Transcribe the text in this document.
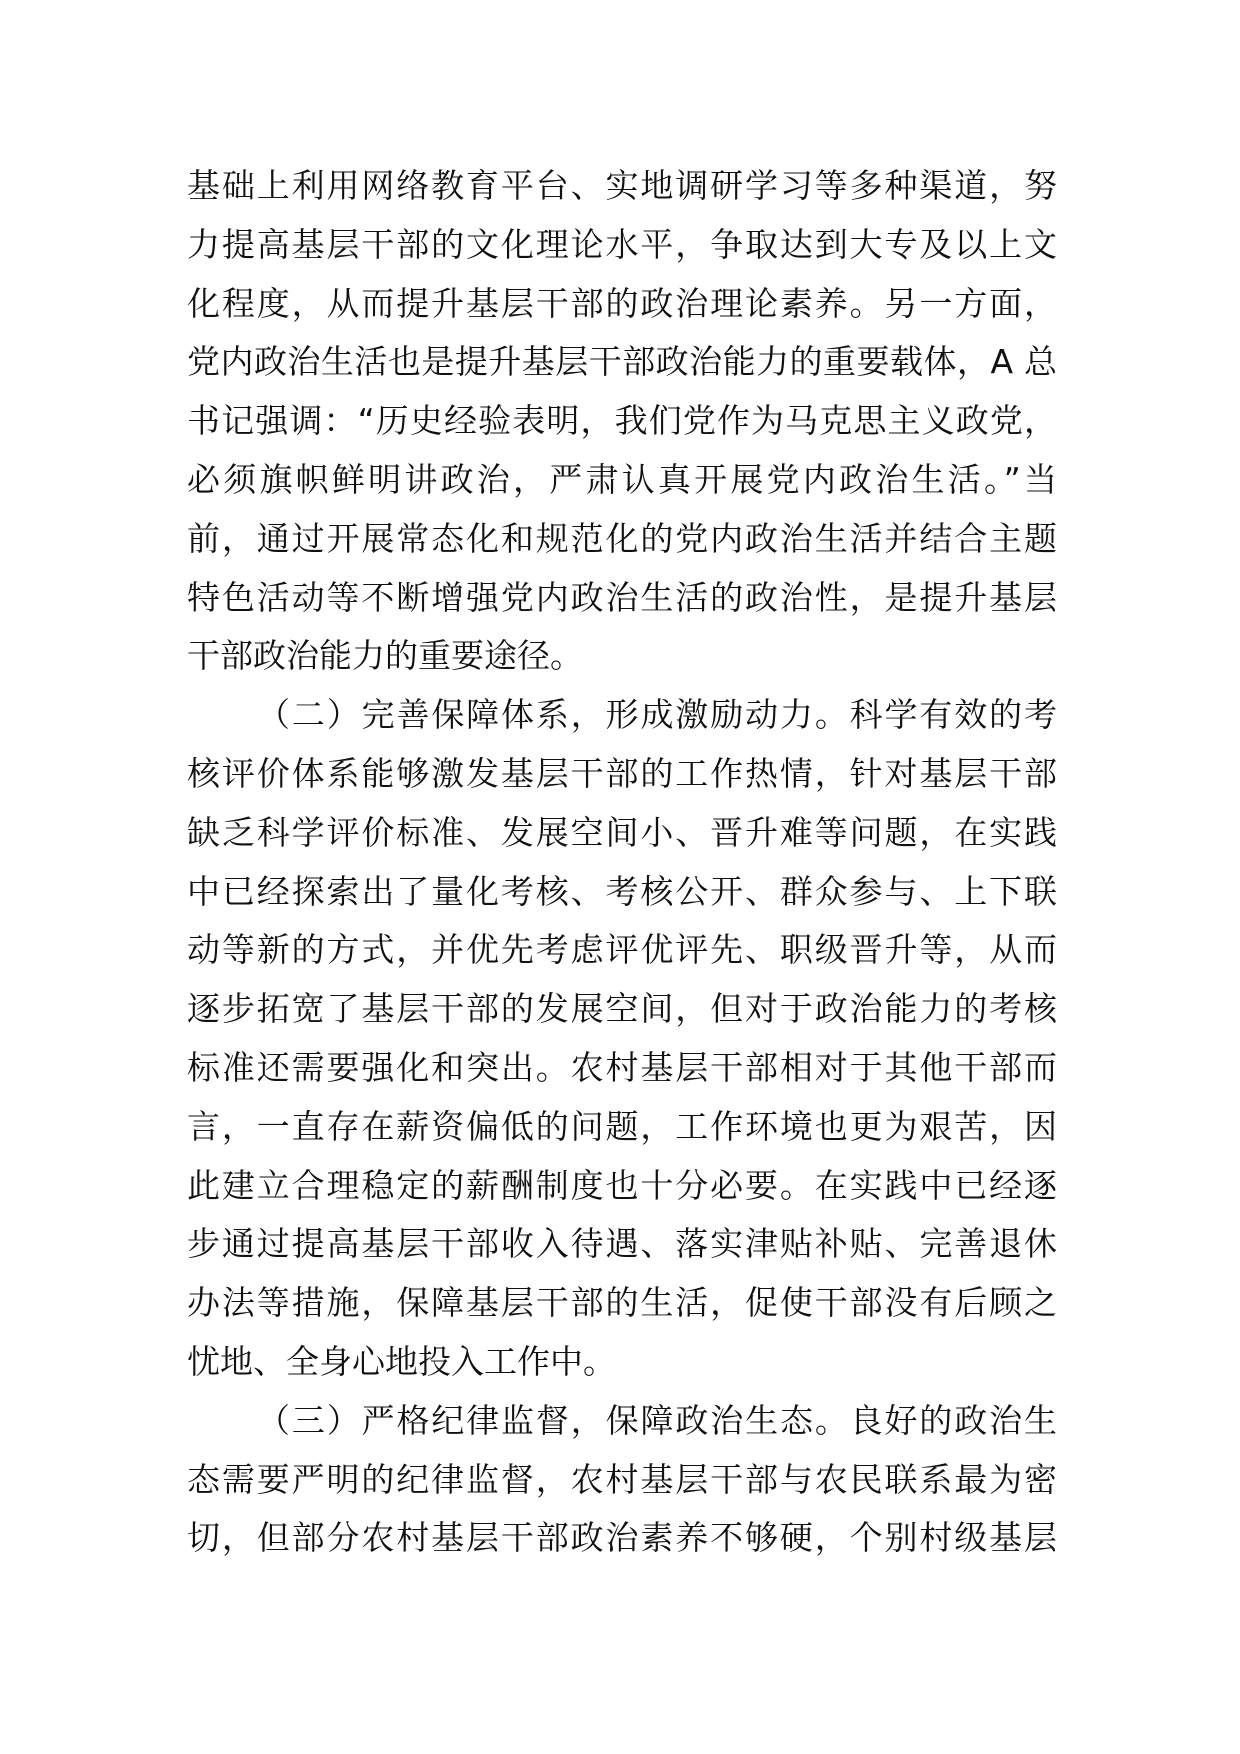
基础上利用网络教育平台、实地调研学习等多种渠道，努
力提高基层干部的文化理论水平，争取达到大专及以上文
化程度，从而提升基层干部的政治理论素养。另一方面，
党内政治生活也是提升基层干部政治能力的重要载体，A 总
书记强调：“历史经验表明，我们党作为马克思主义政党，
必须旗帜鲜明讲政治，严肃认真开展党内政治生活。”当
前，通过开展常态化和规范化的党内政治生活并结合主题
特色活动等不断增强党内政治生活的政治性，是提升基层
干部政治能力的重要途径。
（二）完善保障体系，形成激励动力。科学有效的考
核评价体系能够激发基层干部的工作热情，针对基层干部
缺乏科学评价标准、发展空间小、晋升难等问题，在实践
中已经探索出了量化考核、考核公开、群众参与、上下联
动等新的方式，并优先考虑评优评先、职级晋升等，从而
逐步拓宽了基层干部的发展空间，但对于政治能力的考核
标准还需要强化和突出。农村基层干部相对于其他干部而
言，一直存在薪资偏低的问题，工作环境也更为艰苦，因
此建立合理稳定的薪酬制度也十分必要。在实践中已经逐
步通过提高基层干部收入待遇、落实津贴补贴、完善退休
办法等措施，保障基层干部的生活，促使干部没有后顾之
忧地、全身心地投入工作中。
（三）严格纪律监督，保障政治生态。良好的政治生
态需要严明的纪律监督，农村基层干部与农民联系最为密
切，但部分农村基层干部政治素养不够硬，个别村级基层
